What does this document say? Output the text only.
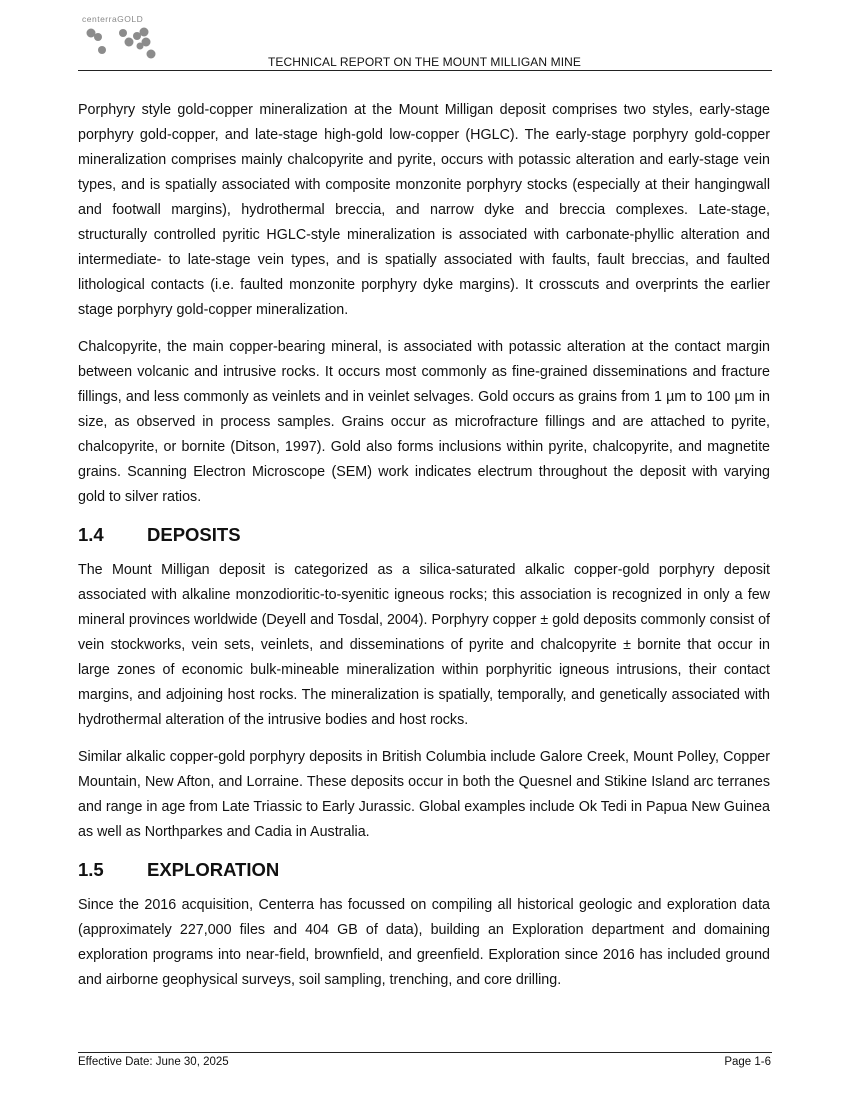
centerraGOLD
TECHNICAL REPORT ON THE MOUNT MILLIGAN MINE

Porphyry style gold-copper mineralization at the Mount Milligan deposit comprises two styles, early-stage porphyry gold-copper, and late-stage high-gold low-copper (HGLC). The early-stage porphyry gold-copper mineralization comprises mainly chalcopyrite and pyrite, occurs with potassic alteration and early-stage vein types, and is spatially associated with composite monzonite porphyry stocks (especially at their hangingwall and footwall margins), hydrothermal breccia, and narrow dyke and breccia complexes. Late-stage, structurally controlled pyritic HGLC-style mineralization is associated with carbonate-phyllic alteration and intermediate- to late-stage vein types, and is spatially associated with faults, fault breccias, and faulted lithological contacts (i.e. faulted monzonite porphyry dyke margins). It crosscuts and overprints the earlier stage porphyry gold-copper mineralization.

Chalcopyrite, the main copper-bearing mineral, is associated with potassic alteration at the contact margin between volcanic and intrusive rocks. It occurs most commonly as fine-grained disseminations and fracture fillings, and less commonly as veinlets and in veinlet selvages. Gold occurs as grains from 1 µm to 100 µm in size, as observed in process samples. Grains occur as microfracture fillings and are attached to pyrite, chalcopyrite, or bornite (Ditson, 1997). Gold also forms inclusions within pyrite, chalcopyrite, and magnetite grains. Scanning Electron Microscope (SEM) work indicates electrum throughout the deposit with varying gold to silver ratios.

1.4	DEPOSITS

The Mount Milligan deposit is categorized as a silica-saturated alkalic copper-gold porphyry deposit associated with alkaline monzodioritic-to-syenitic igneous rocks; this association is recognized in only a few mineral provinces worldwide (Deyell and Tosdal, 2004). Porphyry copper ± gold deposits commonly consist of vein stockworks, vein sets, veinlets, and disseminations of pyrite and chalcopyrite ± bornite that occur in large zones of economic bulk-mineable mineralization within porphyritic igneous intrusions, their contact margins, and adjoining host rocks. The mineralization is spatially, temporally, and genetically associated with hydrothermal alteration of the intrusive bodies and host rocks.

Similar alkalic copper-gold porphyry deposits in British Columbia include Galore Creek, Mount Polley, Copper Mountain, New Afton, and Lorraine. These deposits occur in both the Quesnel and Stikine Island arc terranes and range in age from Late Triassic to Early Jurassic. Global examples include Ok Tedi in Papua New Guinea as well as Northparkes and Cadia in Australia.

1.5	EXPLORATION

Since the 2016 acquisition, Centerra has focussed on compiling all historical geologic and exploration data (approximately 227,000 files and 404 GB of data), building an Exploration department and domaining exploration programs into near-field, brownfield, and greenfield. Exploration since 2016 has included ground and airborne geophysical surveys, soil sampling, trenching, and core drilling.

Effective Date: June 30, 2025	Page 1-6
